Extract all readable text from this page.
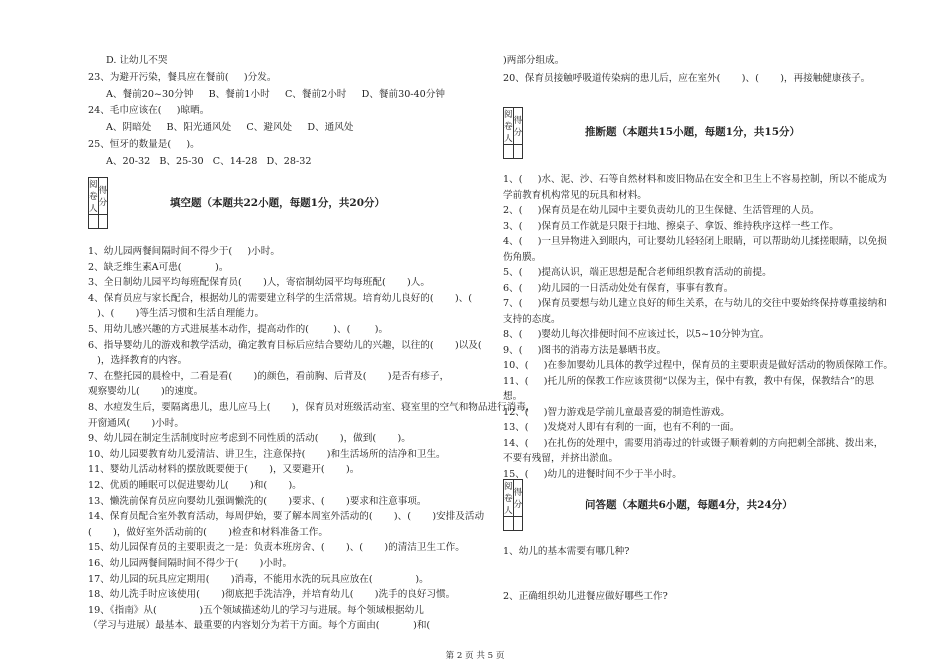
D. 让幼儿不哭
23、为避开污染，餐具应在餐前(     )分发。
A、餐前20~30分钟     B、餐前1小时     C、餐前2小时     D、餐前30-40分钟
24、毛巾应该在(     )晾晒。
A、阴暗处     B、阳光通风处     C、避风处     D、通风处
25、恒牙的数量是(     )。
A、20-32   B、25-30   C、14-28   D、28-32
阅卷人	得分
		填空题（本题共22小题，每题1分，共20分）
1、幼儿园两餐间隔时间不得少于(     )小时。
2、缺乏维生素A可患(           )。
3、全日制幼儿园平均每班配保育员(       )人，寄宿制幼园平均每班配(       )人。
4、保育员应与家长配合，根据幼儿的需要建立科学的生活常规。培育幼儿良好的(       )、(
)、(       )等生活习惯和生活自理能力。
5、用幼儿感兴趣的方式进展基本动作，提高动作的(        )、(        )。
6、指导婴幼儿的游戏和教学活动，确定教育目标后应结合婴幼儿的兴趣，以往的(       )以及(
)，选择教育的内容。
7、在整托园的晨检中，二看是看(       )的颜色，看前胸、后背及(       )是否有疹子，
观察婴幼儿(       )的速度。
8、水痘发生后，要隔离患儿，患儿应马上(       )，保育员对班级活动室、寝室里的空气和物品进行消毒，
开窗通风(       )小时。
9、幼儿园在制定生活制度时应考虑到不同性质的活动(       )，做到(       )。
10、幼儿园要教育幼儿爱清洁、讲卫生，注意保持(       )和生活场所的洁净和卫生。
11、婴幼儿活动材料的摆放既要便于(       )，又要避开(       )。
12、优质的睡眠可以促进婴幼儿(       )和(       )。
13、懒洗前保育员应向婴幼儿强调懒洗的(       )要求、(       )要求和注意事项。
14、保育员配合室外教育活动，每周伊始，要了解本周室外活动的(       )、(       )安排及活动
(       )，做好室外活动前的(       )检查和材料准备工作。
15、幼儿园保育员的主要职责之一是：负责本班房舍、(       )、(       )的清洁卫生工作。
16、幼儿园两餐间隔时间不得少于(       )小时。
17、幼儿园的玩具应定期用(       )消毒，不能用水洗的玩具应放在(              )。
18、幼儿洗手时应该使用(       )彻底把手洗洁净，并培育幼儿(       )洗手的良好习惯。
19、《指南》从(              )五个领域描述幼儿的学习与进展。每个领域根据幼儿
（学习与进展）最基本、最重要的内容划分为若干方面。每个方面由(           )和(
)两部分组成。
20、保育员接触呼吸道传染病的患儿后，应在室外(       )、(       )，再接触健康孩子。
阅卷人	得分
		推断题（本题共15小题，每题1分，共15分）
1、(     )水、泥、沙、石等自然材料和废旧物品在安全和卫生上不容易控制，所以不能成为
学前教育机构常见的玩具和材料。
2、(     )保育员是在幼儿园中主要负责幼儿的卫生保健、生活管理的人员。
3、(     )保育员工作就是只限于扫地、擦桌子、拿饭、维持秩序这样一些工作。
4、(     )一旦异物进入到眼内，可让婴幼儿轻轻闭上眼睛，可以帮助幼儿揉搓眼睛，以免损
伤角膜。
5、(     )提高认识，端正思想是配合老师组织教育活动的前提。
6、(     )幼儿园的一日活动处处有保育，事事有教育。
7、(     )保育员要想与幼儿建立良好的师生关系，在与幼儿的交往中要始终保持尊重接纳和
支持的态度。
8、(     )婴幼儿每次排便时间不应该过长，以5~10分钟为宜。
9、(     )图书的消毒方法是暴晒书皮。
10、(     )在参加婴幼儿具体的教学过程中，保育员的主要职责是做好活动的物质保障工作。
11、(     )托儿所的保教工作应该贯彻“以保为主，保中有教，教中有保，保教结合”的思
想。
12、(     )智力游戏是学前儿童最喜爱的制造性游戏。
13、(     )发烧对人即有有利的一面，也有不利的一面。
14、(     )在扎伤的处理中，需要用消毒过的针或镊子顺着刺的方向把刺全部挑、拨出来，
不要有残留，并挤出淤血。
15、(     )幼儿的进餐时间不少于半小时。
阅卷人	得分
		问答题（本题共6小题，每题4分，共24分）
1、幼儿的基本需要有哪几种?
2、正确组织幼儿进餐应做好哪些工作?
第 2 页 共 5 页
